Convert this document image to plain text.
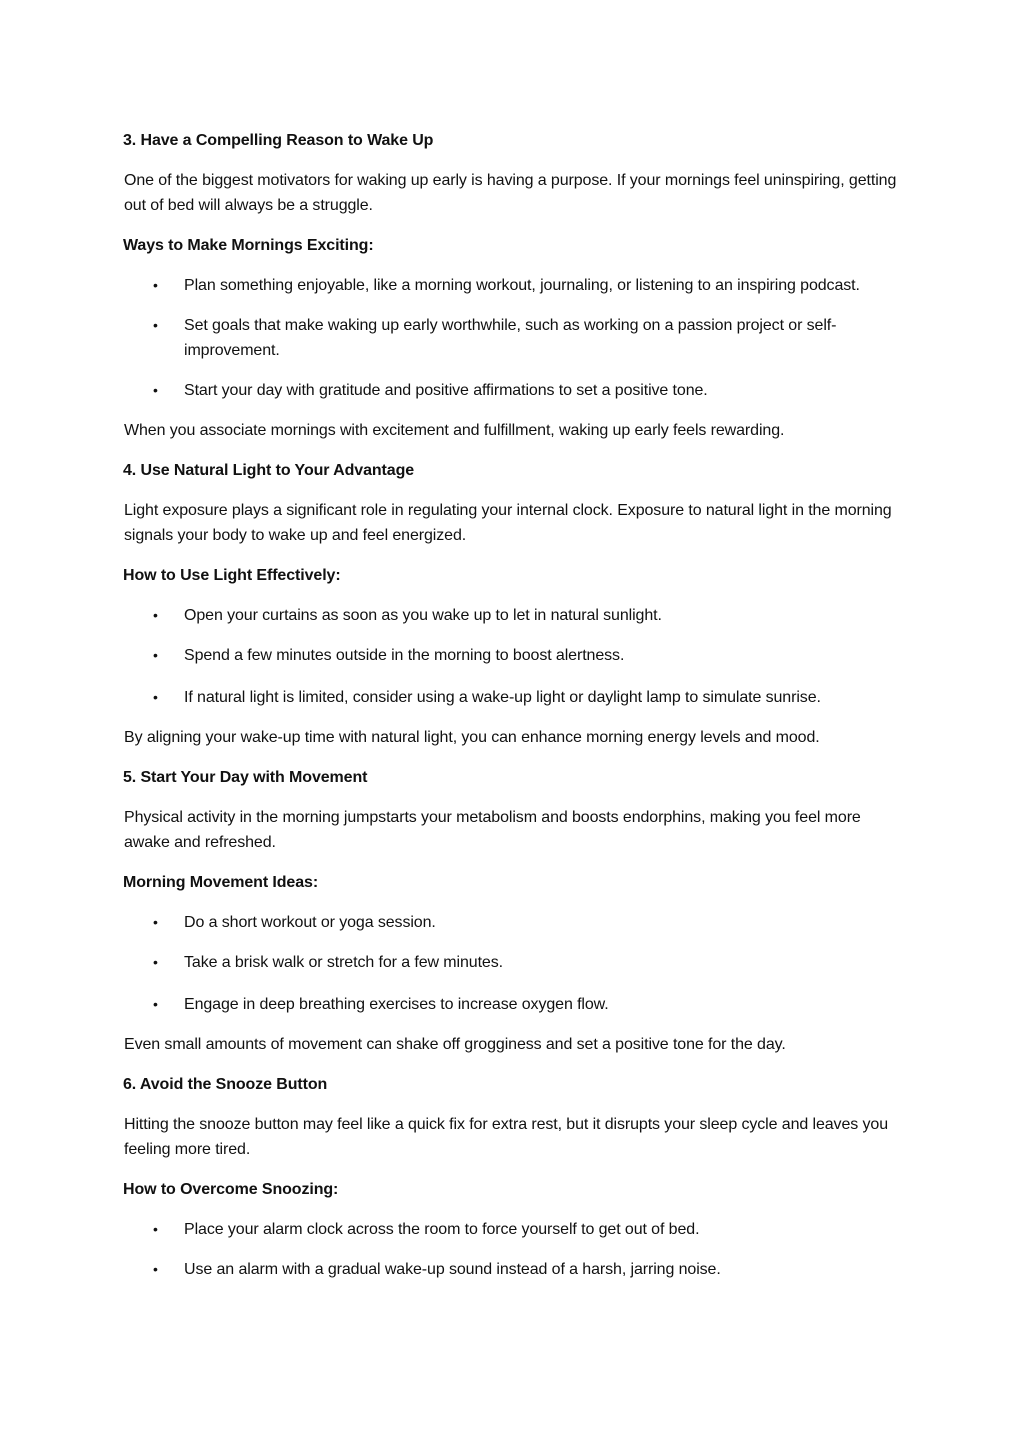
3. Have a Compelling Reason to Wake Up
One of the biggest motivators for waking up early is having a purpose. If your mornings feel uninspiring, getting out of bed will always be a struggle.
Ways to Make Mornings Exciting:
• Plan something enjoyable, like a morning workout, journaling, or listening to an inspiring podcast.
• Set goals that make waking up early worthwhile, such as working on a passion project or self-improvement.
• Start your day with gratitude and positive affirmations to set a positive tone.
When you associate mornings with excitement and fulfillment, waking up early feels rewarding.
4. Use Natural Light to Your Advantage
Light exposure plays a significant role in regulating your internal clock. Exposure to natural light in the morning signals your body to wake up and feel energized.
How to Use Light Effectively:
• Open your curtains as soon as you wake up to let in natural sunlight.
• Spend a few minutes outside in the morning to boost alertness.
• If natural light is limited, consider using a wake-up light or daylight lamp to simulate sunrise.
By aligning your wake-up time with natural light, you can enhance morning energy levels and mood.
5. Start Your Day with Movement
Physical activity in the morning jumpstarts your metabolism and boosts endorphins, making you feel more awake and refreshed.
Morning Movement Ideas:
• Do a short workout or yoga session.
• Take a brisk walk or stretch for a few minutes.
• Engage in deep breathing exercises to increase oxygen flow.
Even small amounts of movement can shake off grogginess and set a positive tone for the day.
6. Avoid the Snooze Button
Hitting the snooze button may feel like a quick fix for extra rest, but it disrupts your sleep cycle and leaves you feeling more tired.
How to Overcome Snoozing:
• Place your alarm clock across the room to force yourself to get out of bed.
• Use an alarm with a gradual wake-up sound instead of a harsh, jarring noise.
